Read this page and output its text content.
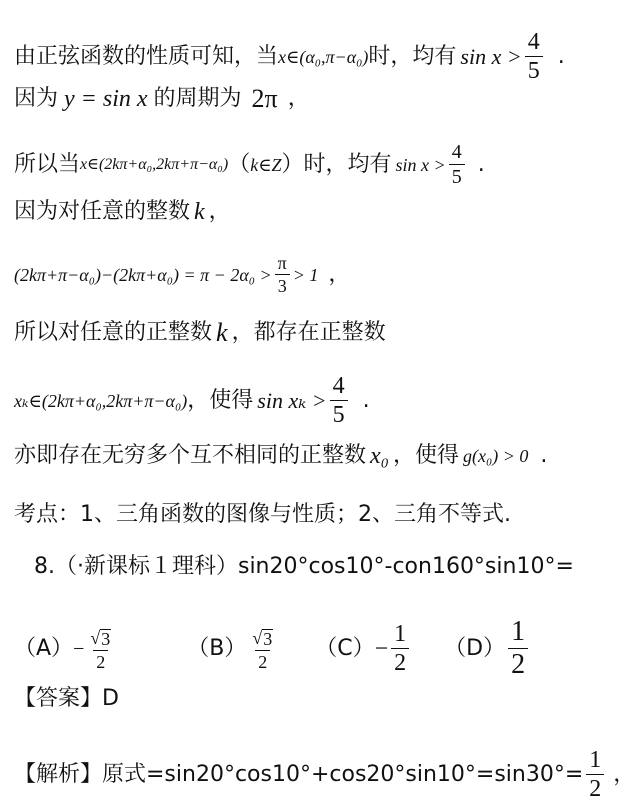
由正弦函数的性质可知，当 x∈(α₀,π−α₀) 时，均有 $\sin x > \frac{4}{5}$ .
因为 y = sin x 的周期为 2π ，
所以当 x∈(2kπ+α₀,2kπ+π−α₀) （ k∈Z ）时，均有 $\sin x > \frac{4}{5}$ .
因为对任意的整数 k ，
$(2k\pi+\pi-\alpha_0)-(2k\pi+\alpha_0) = \pi - 2\alpha_0 > \frac{\pi}{3} > 1$ ，
所以对任意的正整数 k ，都存在正整数
xₖ∈(2kπ+α₀,2kπ+π−α₀) ，使得 $\sin x_k > \frac{4}{5}$ .
亦即存在无穷多个互不相同的正整数 x₀ ，使得 g(x₀) > 0 .
考点：1、三角函数的图像与性质；2、三角不等式.
8.（·新课标１理科）sin20°cos10°-con160°sin10°=
$(A) - \frac{√ 3}{2}$	$(B) \frac{√ 3}{2} (C) - \frac{1}{2} (D) \frac{1}{2}$
【答案】D
【解析】原式$=\sin 20^\circ\cos 10^\circ+\cos 20^\circ\sin 10^\circ=\sin 30^\circ= \frac{1}{2}$ ，
